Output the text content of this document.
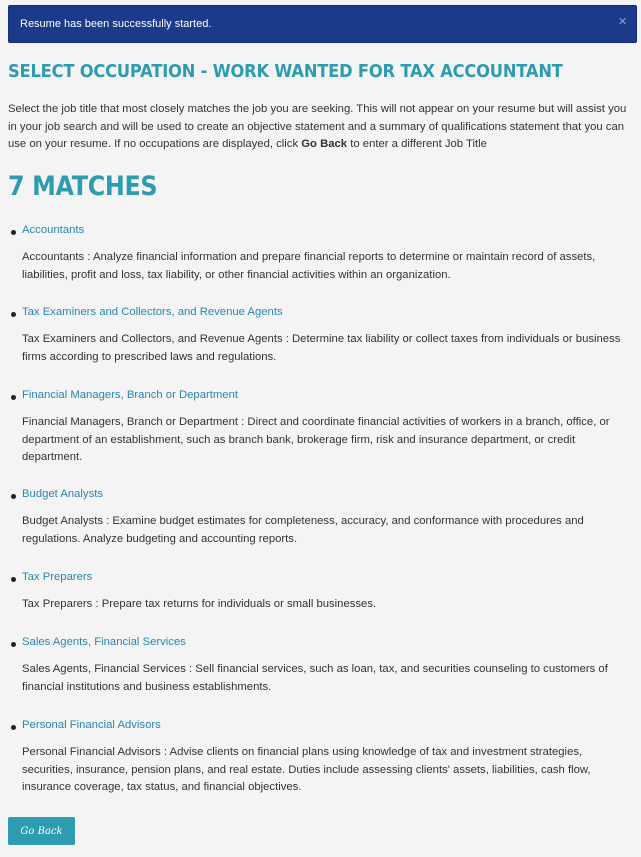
Resume has been successfully started.	×
SELECT OCCUPATION - WORK WANTED FOR TAX ACCOUNTANT

Select the job title that most closely matches the job you are seeking. This will not appear on your resume but will assist you in your job search and will be used to create an objective statement and a summary of qualifications statement that you can use on your resume. If no occupations are displayed, click Go Back to enter a different Job Title

7 MATCHES
Accountants

Accountants : Analyze financial information and prepare financial reports to determine or maintain record of assets, liabilities, profit and loss, tax liability, or other financial activities within an organization.

Tax Examiners and Collectors, and Revenue Agents

Tax Examiners and Collectors, and Revenue Agents : Determine tax liability or collect taxes from individuals or business firms according to prescribed laws and regulations.

Financial Managers, Branch or Department

Financial Managers, Branch or Department : Direct and coordinate financial activities of workers in a branch, office, or department of an establishment, such as branch bank, brokerage firm, risk and insurance department, or credit department.

Budget Analysts

Budget Analysts : Examine budget estimates for completeness, accuracy, and conformance with procedures and regulations. Analyze budgeting and accounting reports.

Tax Preparers

Tax Preparers : Prepare tax returns for individuals or small businesses.

Sales Agents, Financial Services

Sales Agents, Financial Services : Sell financial services, such as loan, tax, and securities counseling to customers of financial institutions and business establishments.

Personal Financial Advisors

Personal Financial Advisors : Advise clients on financial plans using knowledge of tax and investment strategies, securities, insurance, pension plans, and real estate. Duties include assessing clients' assets, liabilities, cash flow, insurance coverage, tax status, and financial objectives.

Go Back
